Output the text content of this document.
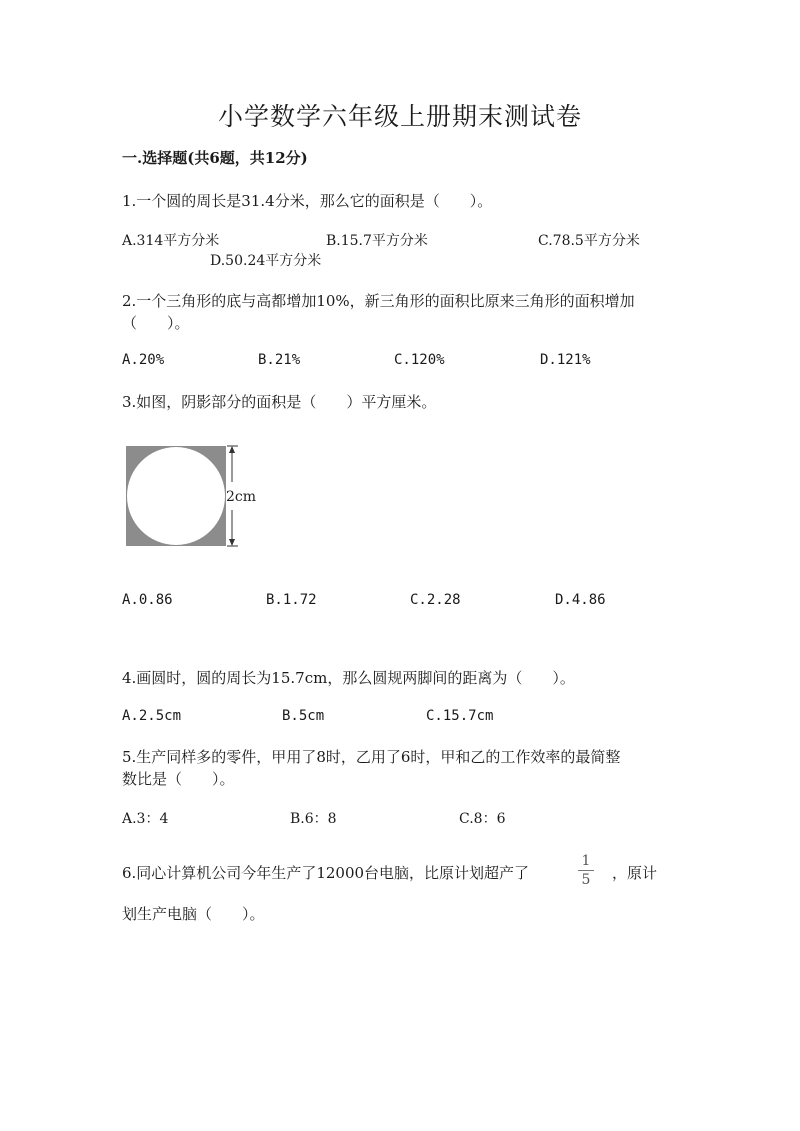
小学数学六年级上册期末测试卷
一.选择题(共6题，共12分)
1.一个圆的周长是31.4分米，那么它的面积是（　　）。
A.314平方分米	B.15.7平方分米	C.78.5平方分米
D.50.24平方分米
2.一个三角形的底与高都增加10%，新三角形的面积比原来三角形的面积增加
（　　）。
A.20%	B.21%	C.120%	D.121%
3.如图，阴影部分的面积是（　　）平方厘米。
2cm
A.0.86	B.1.72	C.2.28	D.4.86
4.画圆时，圆的周长为15.7cm，那么圆规两脚间的距离为（　　）。
A.2.5cm	B.5cm	C.15.7cm
5.生产同样多的零件，甲用了8时，乙用了6时，甲和乙的工作效率的最简整
数比是（　　）。
A.3：4	B.6：8	C.8：6
6.同心计算机公司今年生产了12000台电脑，比原计划超产了
1
5	，原计
划生产电脑（　　）。
